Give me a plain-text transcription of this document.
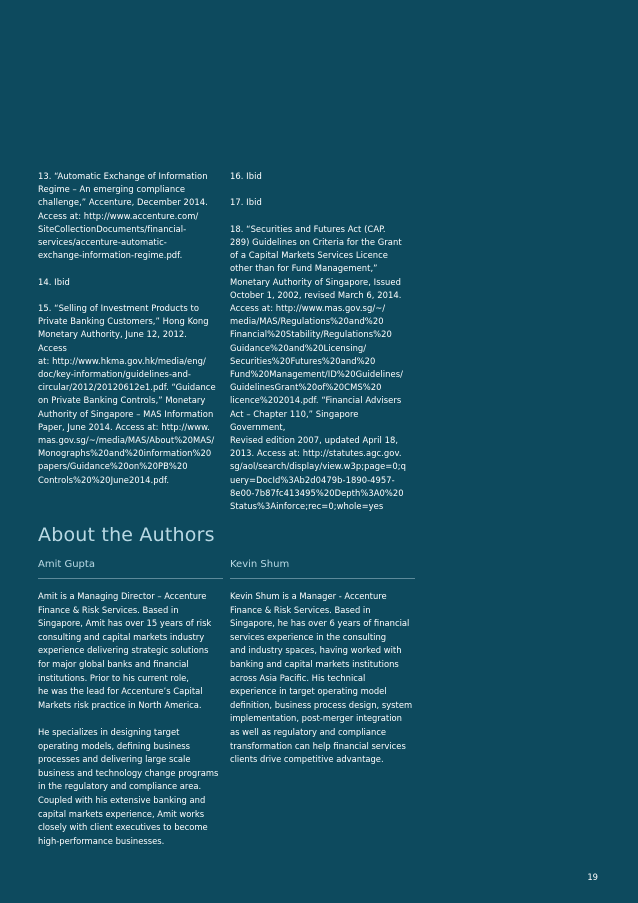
13. “Automatic Exchange of Information
Regime – An emerging compliance
challenge,” Accenture, December 2014.
Access at: http://www.accenture.com/
SiteCollectionDocuments/financial-
services/accenture-automatic-
exchange-information-regime.pdf.
14. Ibid
15. “Selling of Investment Products to
Private Banking Customers,” Hong Kong
Monetary Authority, June 12, 2012. Access
at: http://www.hkma.gov.hk/media/eng/
doc/key-information/guidelines-and-
circular/2012/20120612e1.pdf. “Guidance
on Private Banking Controls,” Monetary
Authority of Singapore – MAS Information
Paper, June 2014. Access at: http://www.
mas.gov.sg/~/media/MAS/About%20MAS/
Monographs%20and%20information%20
papers/Guidance%20on%20PB%20
Controls%20%20June2014.pdf.
16. Ibid
17. Ibid
18. “Securities and Futures Act (CAP.
289) Guidelines on Criteria for the Grant
of a Capital Markets Services Licence
other than for Fund Management,”
Monetary Authority of Singapore, Issued
October 1, 2002, revised March 6, 2014.
Access at: http://www.mas.gov.sg/~/
media/MAS/Regulations%20and%20
Financial%20Stability/Regulations%20
Guidance%20and%20Licensing/
Securities%20Futures%20and%20
Fund%20Management/ID%20Guidelines/
GuidelinesGrant%20of%20CMS%20
licence%202014.pdf. “Financial Advisers
Act – Chapter 110,” Singapore Government,
Revised edition 2007, updated April 18,
2013. Access at: http://statutes.agc.gov.
sg/aol/search/display/view.w3p;page=0;q
uery=DocId%3Ab2d0479b-1890-4957-
8e00-7b87fc413495%20Depth%3A0%20
Status%3Ainforce;rec=0;whole=yes
About the Authors
Amit Gupta
Amit is a Managing Director – Accenture
Finance & Risk Services. Based in
Singapore, Amit has over 15 years of risk
consulting and capital markets industry
experience delivering strategic solutions
for major global banks and financial
institutions. Prior to his current role,
he was the lead for Accenture’s Capital
Markets risk practice in North America.
He specializes in designing target
operating models, defining business
processes and delivering large scale
business and technology change programs
in the regulatory and compliance area.
Coupled with his extensive banking and
capital markets experience, Amit works
closely with client executives to become
high-performance businesses.
Kevin Shum
Kevin Shum is a Manager - Accenture
Finance & Risk Services. Based in
Singapore, he has over 6 years of financial
services experience in the consulting
and industry spaces, having worked with
banking and capital markets institutions
across Asia Pacific. His technical
experience in target operating model
definition, business process design, system
implementation, post-merger integration
as well as regulatory and compliance
transformation can help financial services
clients drive competitive advantage.
19
